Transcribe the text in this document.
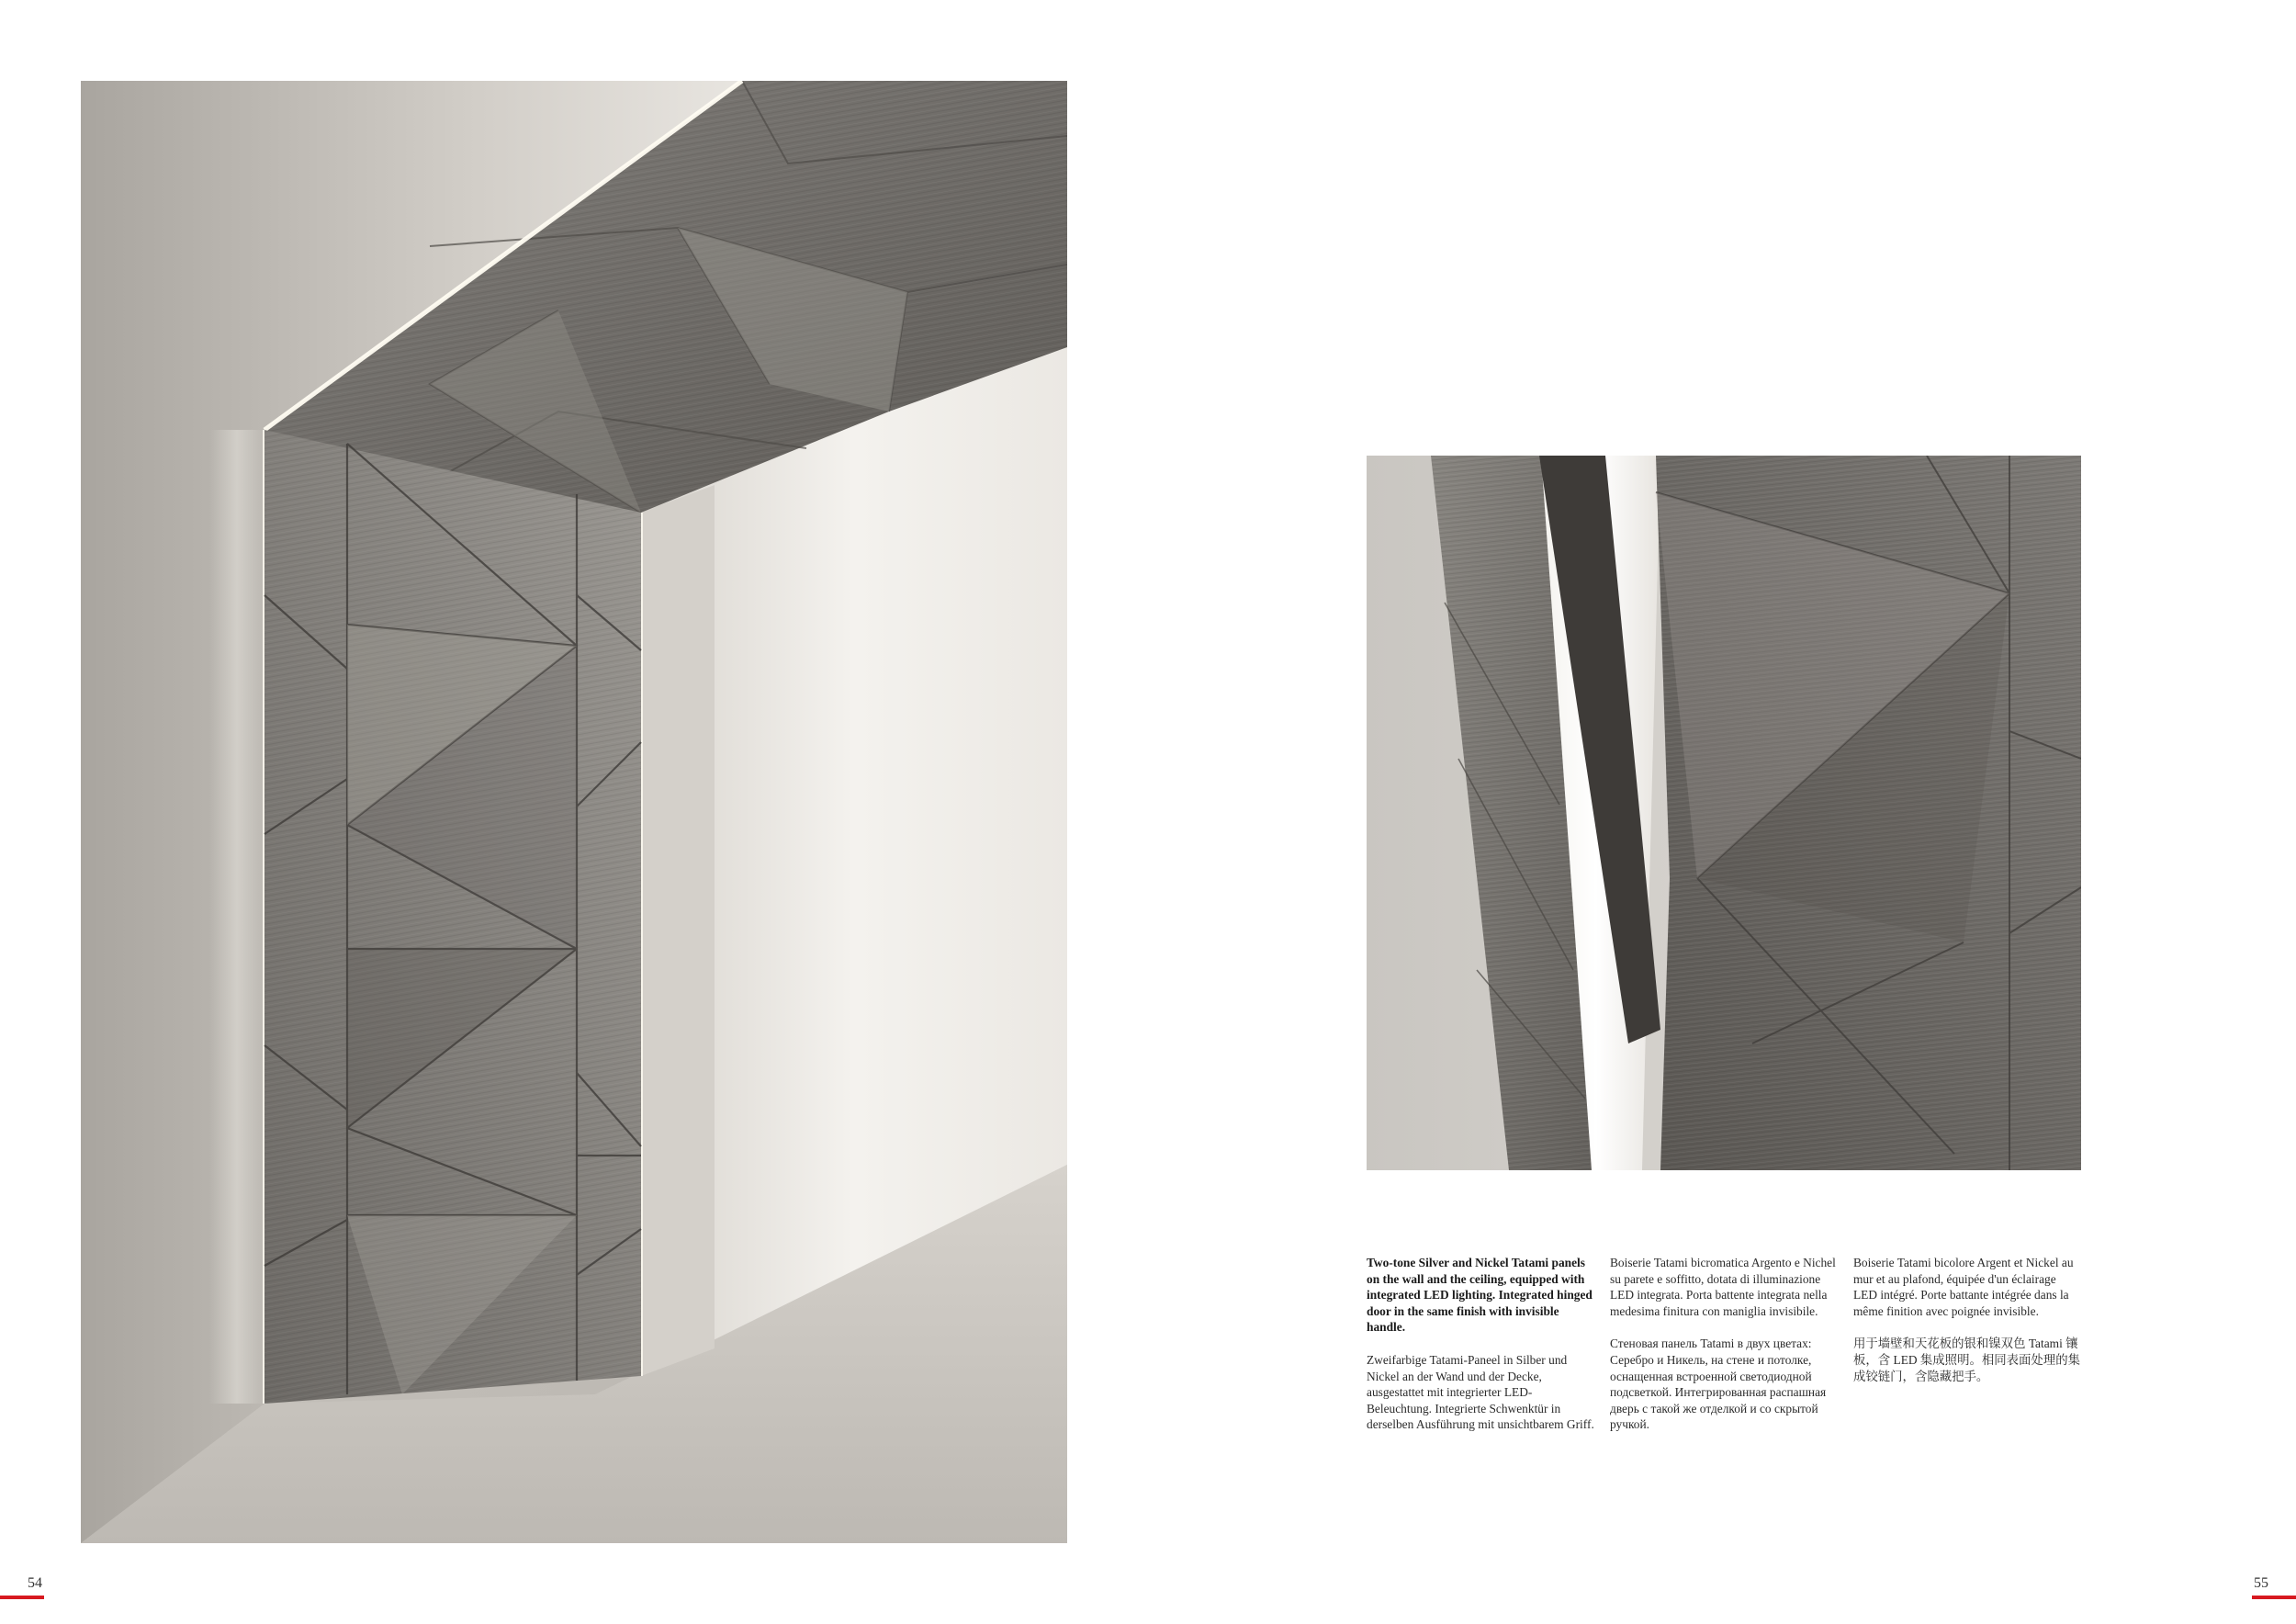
Two-tone Silver and Nickel Tatami panels on the wall and the ceiling, equipped with integrated LED lighting. Integrated hinged door in the same finish with invisible handle.

Zweifarbige Tatami-Paneel in Silber und Nickel an der Wand und der Decke, ausgestattet mit integrierter LED-Beleuchtung. Integrierte Schwenktür in derselben Ausführung mit unsichtbarem Griff.

Boiserie Tatami bicromatica Argento e Nichel su parete e soffitto, dotata di illuminazione LED integrata. Porta battente integrata nella medesima finitura con maniglia invisibile.

Стеновая панель Tatami в двух цветах: Серебро и Никель, на стене и потолке, оснащенная встроенной светодиодной подсветкой. Интегрированная распашная дверь с такой же отделкой и со скрытой ручкой.

Boiserie Tatami bicolore Argent et Nickel au mur et au plafond, équipée d'un éclairage LED intégré. Porte battante intégrée dans la même finition avec poignée invisible.

用于墙壁和天花板的银和镍双色 Tatami 镶板，含 LED 集成照明。相同表面处理的集成铰链门，含隐藏把手。

54	55
